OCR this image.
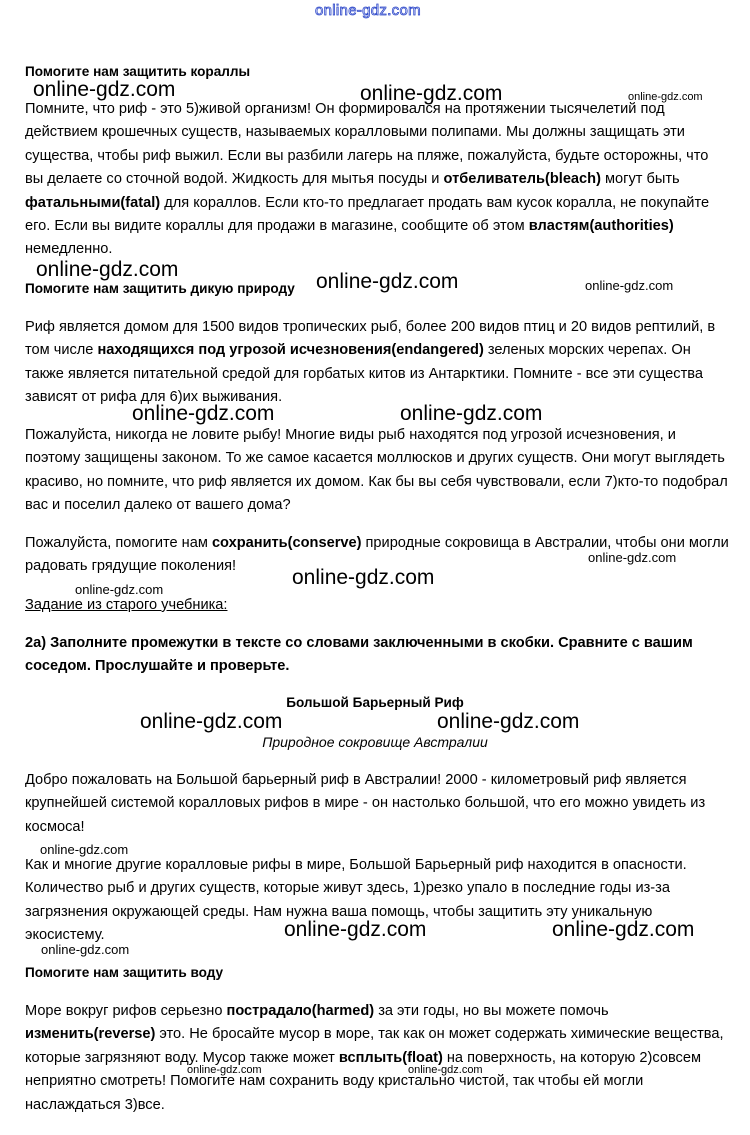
online-gdz.com
Помогите нам защитить кораллы

Помните, что риф - это 5)живой организм! Он формировался на протяжении тысячелетий под действием крошечных существ, называемых коралловыми полипами. Мы должны защищать эти существа, чтобы риф выжил. Если вы разбили лагерь на пляже, пожалуйста, будьте осторожны, что вы делаете со сточной водой. Жидкость для мытья посуды и отбеливатель(bleach) могут быть фатальными(fatal) для кораллов. Если кто-то предлагает продать вам кусок коралла, не покупайте его. Если вы видите кораллы для продажи в магазине, сообщите об этом властям(authorities) немедленно.

Помогите нам защитить дикую природу

Риф является домом для 1500 видов тропических рыб, более 200 видов птиц и 20 видов рептилий, в том числе находящихся под угрозой исчезновения(endangered) зеленых морских черепах. Он также является питательной средой для горбатых китов из Антарктики. Помните - все эти существа зависят от рифа для 6)их выживания.

Пожалуйста, никогда не ловите рыбу! Многие виды рыб находятся под угрозой исчезновения, и поэтому защищены законом. То же самое касается моллюсков и других существ. Они могут выглядеть красиво, но помните, что риф является их домом. Как бы вы себя чувствовали, если 7)кто-то подобрал вас и поселил далеко от вашего дома?

Пожалуйста, помогите нам сохранить(conserve) природные сокровища в Австралии, чтобы они могли радовать грядущие поколения!

Задание из старого учебника:
2а) Заполните промежутки в тексте со словами заключенными в скобки. Сравните с вашим соседом. Прослушайте и проверьте.
Большой Барьерный Риф
Природное сокровище Австралии

Добро пожаловать на Большой барьерный риф в Австралии! 2000 - километровый риф является крупнейшей системой коралловых рифов в мире - он настолько большой, что его можно увидеть из космоса!

Как и многие другие коралловые рифы в мире, Большой Барьерный риф находится в опасности. Количество рыб и других существ, которые живут здесь, 1)резко упало в последние годы из-за загрязнения окружающей среды. Нам нужна ваша помощь, чтобы защитить эту уникальную экосистему.

Помогите нам защитить воду

Море вокруг рифов серьезно пострадало(harmed) за эти годы, но вы можете помочь изменить(reverse) это. Не бросайте мусор в море, так как он может содержать химические вещества, которые загрязняют воду. Мусор также может всплыть(float) на поверхность, на которую 2)совсем неприятно смотреть! Помогите нам сохранить воду кристально чистой, так чтобы ей могли наслаждаться 3)все.

online-gdz.com	online-gdz.com	online-gdz.com
online-gdz.com
online-gdz.com	online-gdz.com
online-gdz.com	online-gdz.com
online-gdz.com
online-gdz.com
online-gdz.com
online-gdz.com	online-gdz.com
online-gdz.com
online-gdz.com	online-gdz.com
online-gdz.com
online-gdz.com	online-gdz.com
